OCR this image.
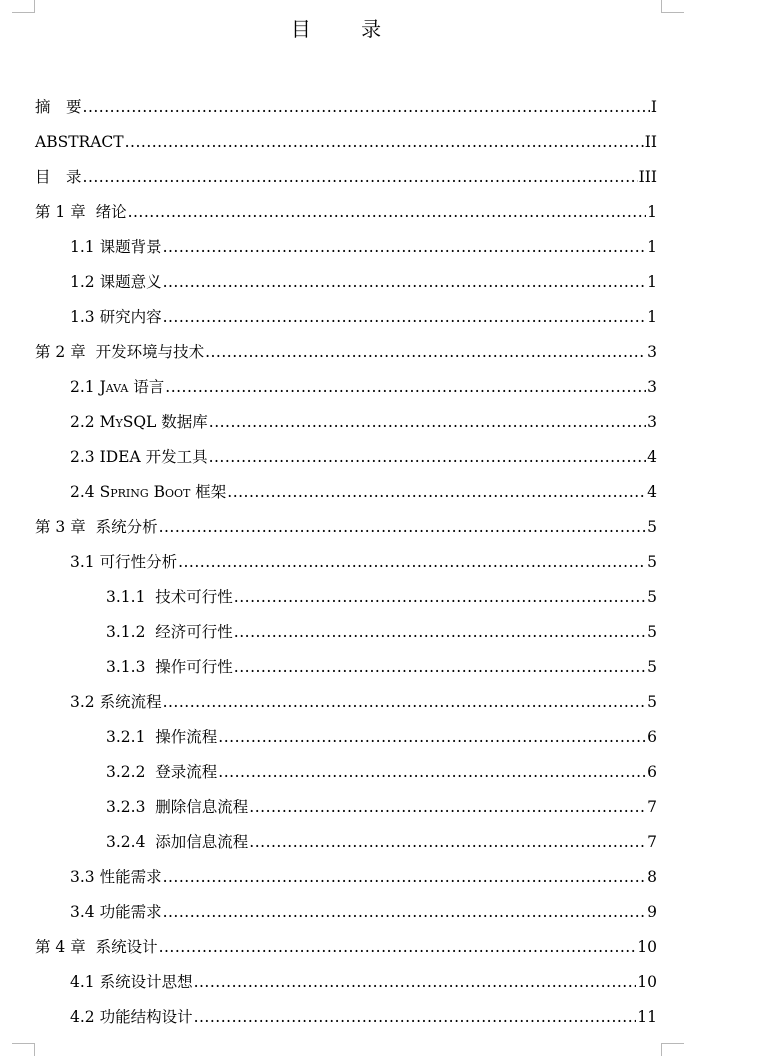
目 录
摘　要 .....	I
ABSTRACT .....	II
目　录 .....	III
第 1 章  绪论 .....	1
1.1 课题背景 .....	1
1.2 课题意义 .....	1
1.3 研究内容 .....	1
第 2 章  开发环境与技术 .....	3
2.1 Java 语言 .....	3
2.2 MySQL 数据库 .....	3
2.3 IDEA 开发工具 .....	4
2.4 Spring Boot 框架 .....	4
第 3 章  系统分析 .....	5
3.1 可行性分析 .....	5
3.1.1  技术可行性 .....	5
3.1.2  经济可行性 .....	5
3.1.3  操作可行性 .....	5
3.2 系统流程 .....	5
3.2.1  操作流程 .....	6
3.2.2  登录流程 .....	6
3.2.3  删除信息流程 .....	7
3.2.4  添加信息流程 .....	7
3.3 性能需求 .....	8
3.4 功能需求 .....	9
第 4 章  系统设计 .....	10
4.1 系统设计思想 .....	10
4.2 功能结构设计 .....	11
